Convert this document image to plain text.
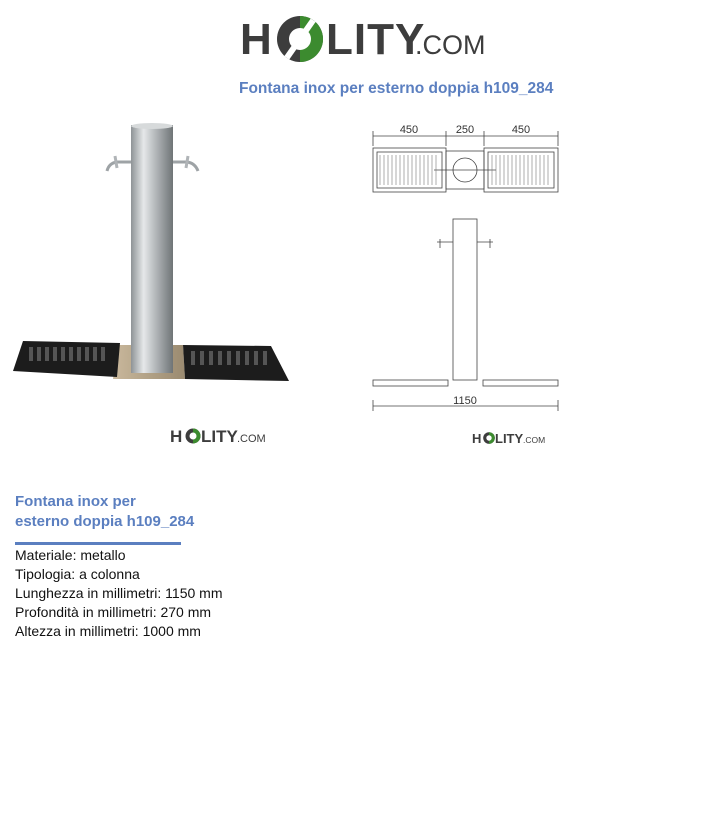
H LITY
.COM
Fontana inox per esterno doppia h109_284
450	250	450
1150
H LITY .COM	H LITY .COM
Fontana inox per
esterno doppia h109_284
Materiale: metallo
Tipologia: a colonna
Lunghezza in millimetri: 1150 mm
Profondità in millimetri: 270 mm
Altezza in millimetri: 1000 mm
